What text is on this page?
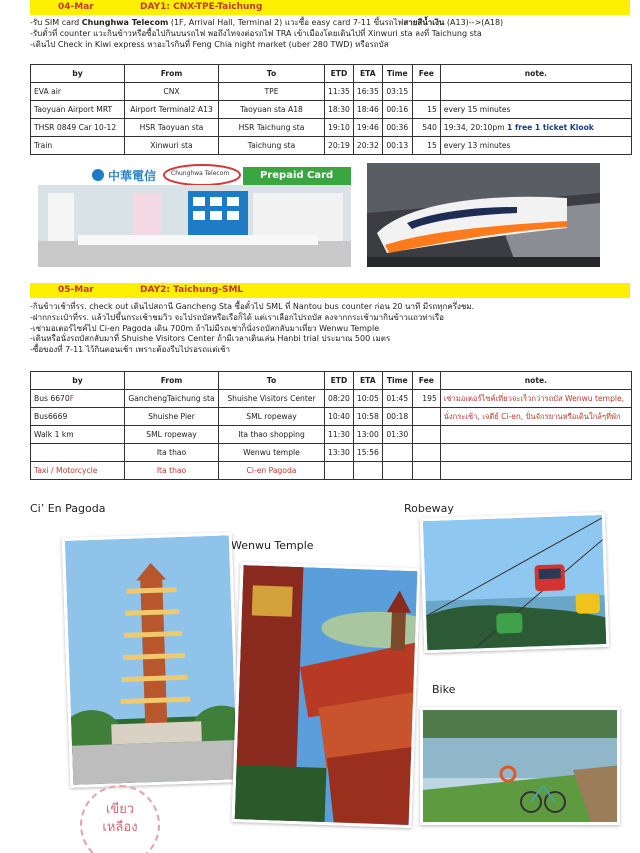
04-Mar	DAY1: CNX-TPE-Taichung
-รับ SIM card Chunghwa Telecom (1F, Arrival Hall, Terminal 2) แวะซื้อ easy card 7-11 ขึ้นรถไฟสายสีน้ำเงิน (A13)-->(A18)
-รับตั๋วที่ counter แวะกินข้าวหรือซื้อไปกินบนรถไฟ พอถึงไทจงต่อรถไฟ TRA เข้าเมืองโดยเดินไปที่ Xinwuri sta ลงที่ Taichung sta
-เดินไป Check in Kiwi express หาอะไรกินที่ Feng Chia night market (uber 280 TWD) หรือรถบัส
by	From	To	ETD	ETA	Time	Fee	note.
EVA air	CNX	TPE	11:35	16:35	03:15		
Taoyuan Airport MRT	Airport Terminal2 A13	Taoyuan sta A18	18:30	18:46	00:16	15	every 15 minutes
THSR 0849 Car 10-12	HSR Taoyuan sta	HSR Taichung sta	19:10	19:46	00:36	540	19:34, 20:10pm 1 free 1 ticket Klook
Train	Xinwuri sta	Taichung sta	20:19	20:32	00:13	15	every 13 minutes
中華電信 Chunghwa Telecom	Prepaid Card
05-Mar	DAY2: Taichung-SML
-กินข้าวเช้าที่รร. check out เดินไปสถานี Gancheng Sta ซื้อตั๋วไป SML ที่ Nantou bus counter ก่อน 20 นาที มีรถทุกครึ่งชม.
-ฝากกระเป๋าที่รร. แล้วไปขึ้นกระเช้าชมวิว จะไปรถบัสหรือเรือก็ได้ แต่เราเลือกไปรถบัส ลงจากกระเช้ามากินข้าวแถวท่าเรือ
-เช่ามอเตอร์ไซค์ไป Ci-en Pagoda เดิน 700m ถ้าไม่มีรถเช่าก็นั่งรถบัสกลับมาเที่ยว Wenwu Temple
-เดินหรือนั่งรถบัสกลับมาที่ Shuishe Visitors Center ถ้ามีเวลาเดินเล่น Hanbi trial ประมาณ 500 เมตร
-ซื้อของที่ 7-11 ไว้กินตอนเช้า เพราะต้องรีบไปรอรถแต่เช้า
by	From	To	ETD	ETA	Time	Fee	note.
Bus 6670F	GanchengTaichung sta	Shuishe Visitors Center	08:20	10:05	01:45	195	เช่ามอเตอร์ไซค์เที่ยวจะเร็วกว่ารถบัส Wenwu temple,
Bus6669	Shuishe Pier	SML ropeway	10:40	10:58	00:18		นั่งกระเช้า, เจดีย์ Ci-en, ปั่นจักรยานหรือเดินใกล้ๆที่พัก
Walk 1 km	SML ropeway	Ita thao shopping	11:30	13:00	01:30		
	Ita thao	Wenwu temple	13:30	15:56			
Taxi / Motorcycle	Ita thao	Ci-en Pagoda					
Ci’ En Pagoda
Wenwu Temple
Robeway
Bike
เขียว
เหลือง
